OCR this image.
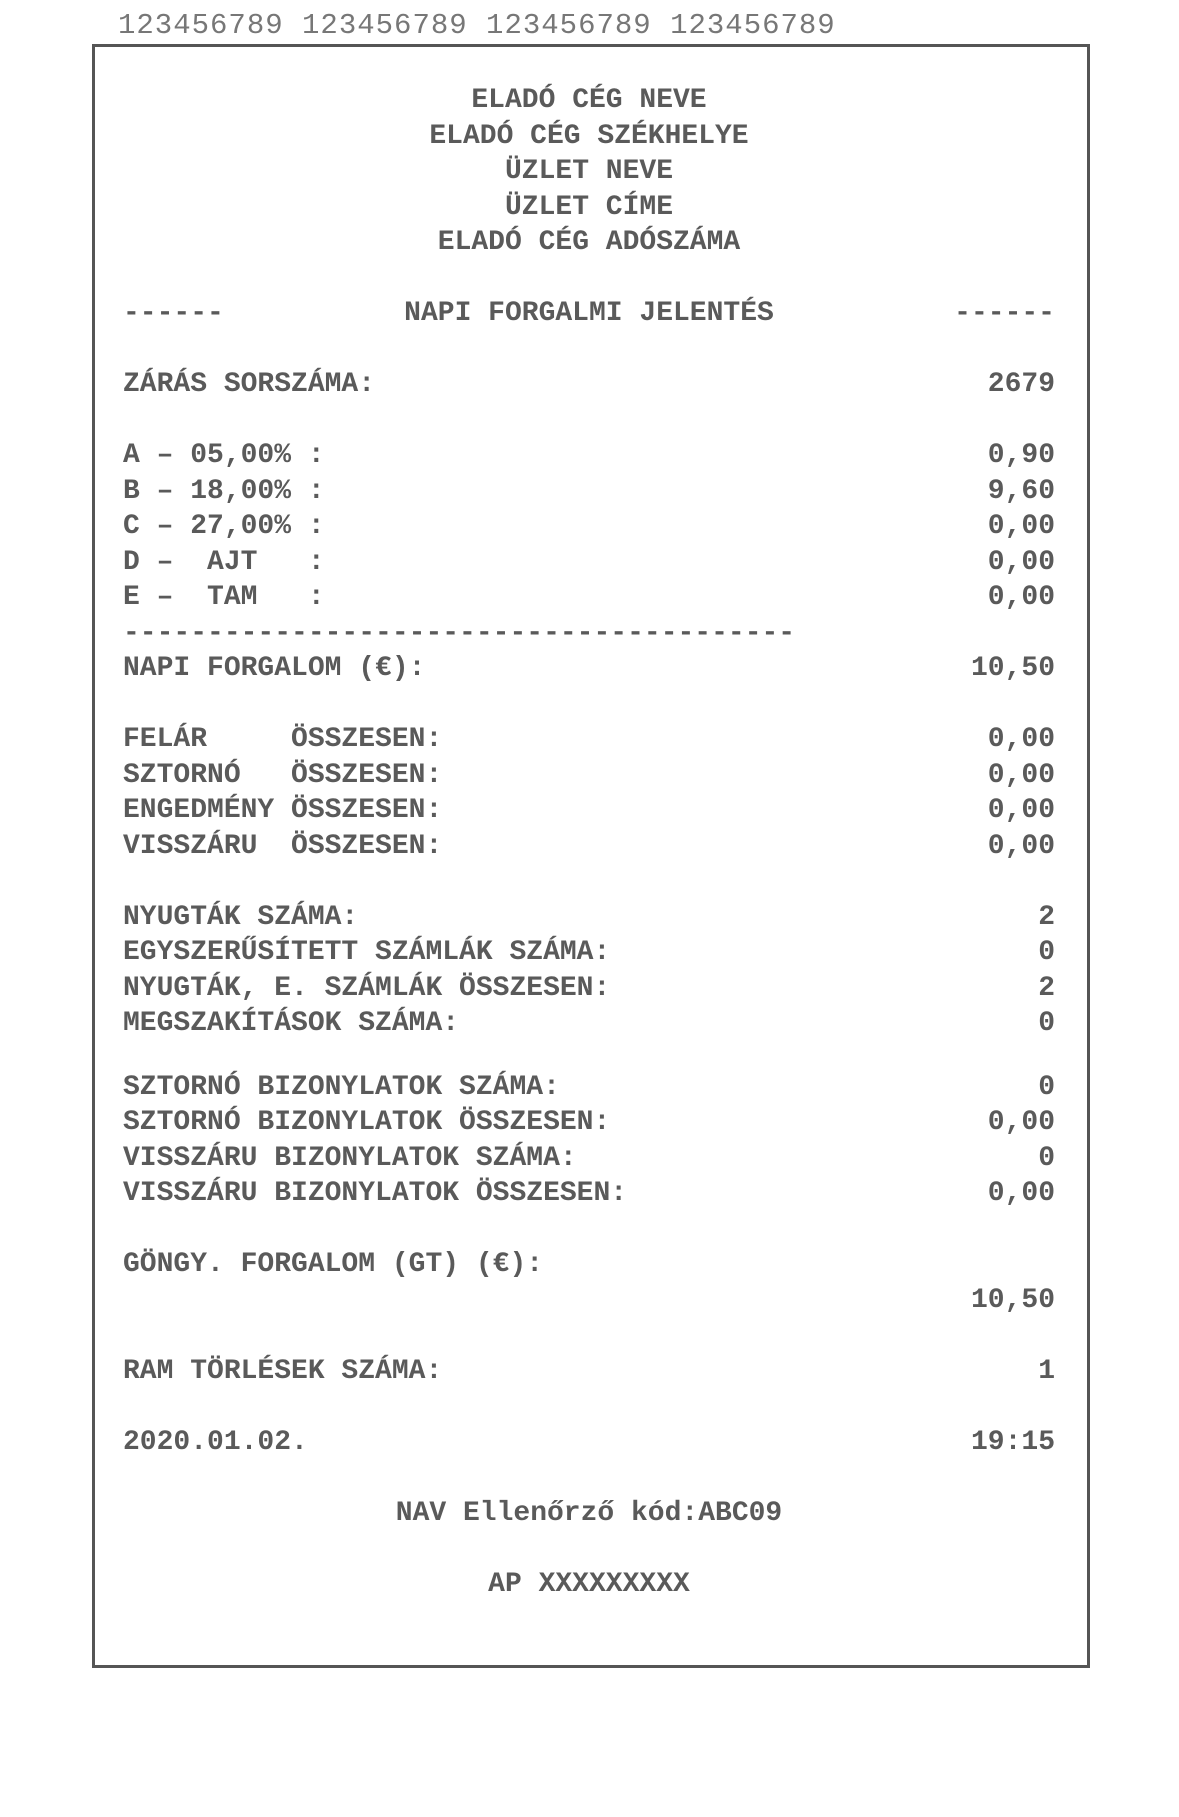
123456789 123456789 123456789 123456789
ELADÓ CÉG NEVE
ELADÓ CÉG SZÉKHELYE
ÜZLET NEVE
ÜZLET CÍME
ELADÓ CÉG ADÓSZÁMA
------	NAPI FORGALMI JELENTÉS	------
ZÁRÁS SORSZÁMA:	2679
A – 05,00% :	0,90
B – 18,00% :	9,60
C – 27,00% :	0,00
D –  AJT   :	0,00
E –  TAM   :	0,00
----------------------------------------
NAPI FORGALOM (€):	10,50
FELÁR     ÖSSZESEN:	0,00
SZTORNÓ   ÖSSZESEN:	0,00
ENGEDMÉNY ÖSSZESEN:	0,00
VISSZÁRU  ÖSSZESEN:	0,00
NYUGTÁK SZÁMA:	2
EGYSZERŰSÍTETT SZÁMLÁK SZÁMA:	0
NYUGTÁK, E. SZÁMLÁK ÖSSZESEN:	2
MEGSZAKÍTÁSOK SZÁMA:	0
SZTORNÓ BIZONYLATOK SZÁMA:	0
SZTORNÓ BIZONYLATOK ÖSSZESEN:	0,00
VISSZÁRU BIZONYLATOK SZÁMA:	0
VISSZÁRU BIZONYLATOK ÖSSZESEN:	0,00
GÖNGY. FORGALOM (GT) (€):
10,50
RAM TÖRLÉSEK SZÁMA:	1
2020.01.02.	19:15
NAV Ellenőrző kód:ABC09
AP XXXXXXXXX
